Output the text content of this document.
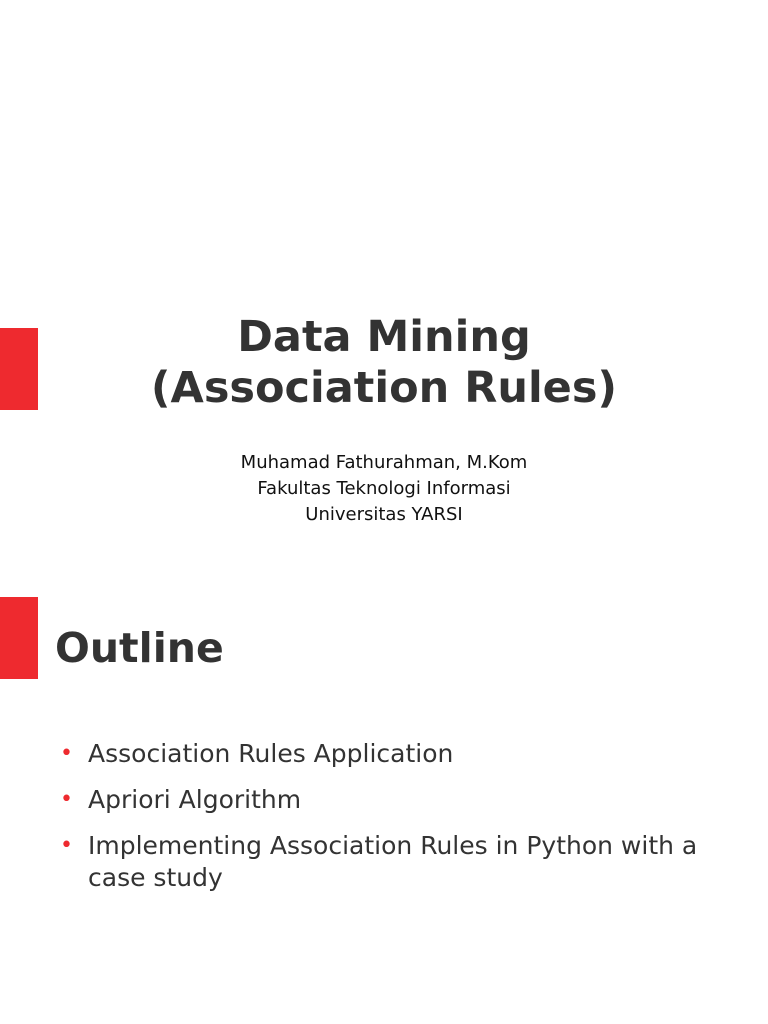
Data Mining
(Association Rules)
Muhamad Fathurahman, M.Kom
Fakultas Teknologi Informasi
Universitas YARSI
Outline
• Association Rules Application
• Apriori Algorithm
• Implementing Association Rules in Python with a case study
